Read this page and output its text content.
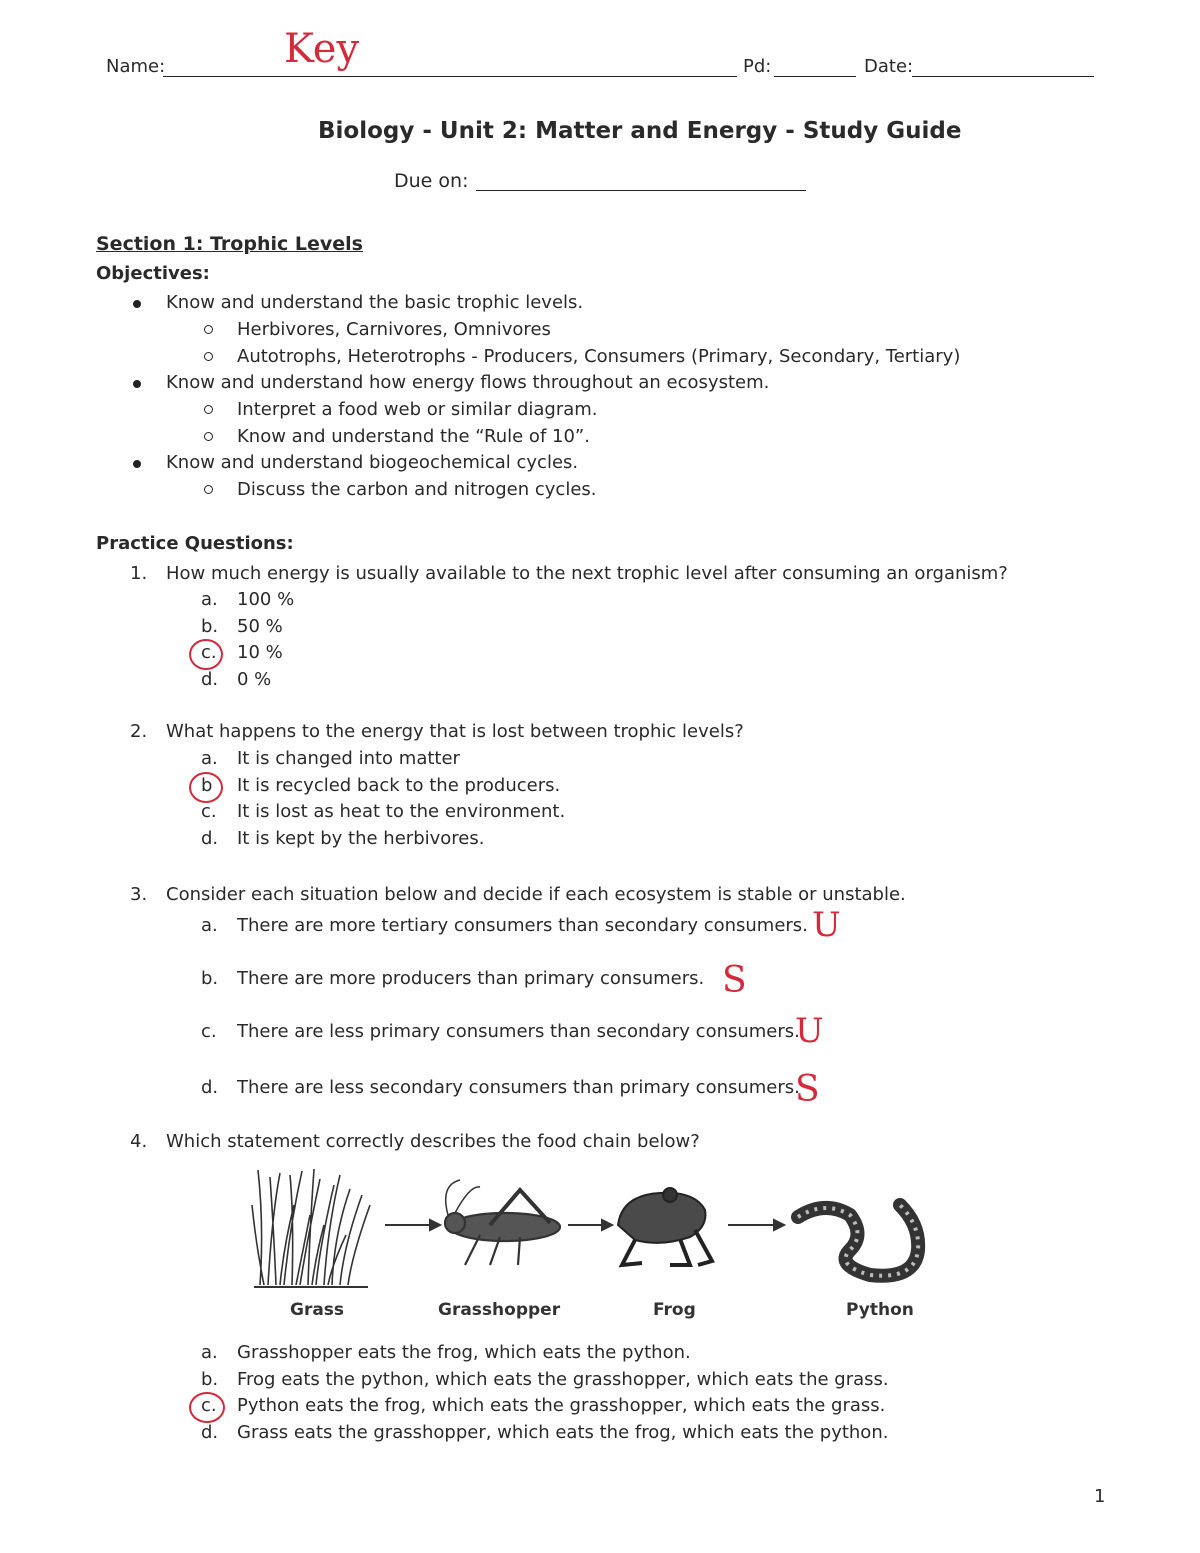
Name:	Key	Pd:	Date:
Biology - Unit 2: Matter and Energy - Study Guide
Due on:
Section 1: Trophic Levels
Objectives:
Know and understand the basic trophic levels.
Herbivores, Carnivores, Omnivores
Autotrophs, Heterotrophs - Producers, Consumers (Primary, Secondary, Tertiary)
Know and understand how energy flows throughout an ecosystem.
Interpret a food web or similar diagram.
Know and understand the “Rule of 10”.
Know and understand biogeochemical cycles.
Discuss the carbon and nitrogen cycles.
Practice Questions:
1. How much energy is usually available to the next trophic level after consuming an organism?
a. 100 %
b. 50 %
c. 10 %
d. 0 %
2. What happens to the energy that is lost between trophic levels?
a. It is changed into matter
b It is recycled back to the producers.
c. It is lost as heat to the environment.
d. It is kept by the herbivores.
3. Consider each situation below and decide if each ecosystem is stable or unstable.
a. There are more tertiary consumers than secondary consumers. U
b. There are more producers than primary consumers. S
c. There are less primary consumers than secondary consumers.
U
d. There are less secondary consumers than primary consumers.
S
4. Which statement correctly describes the food chain below?
Grass	Grasshopper	Frog	Python
a. Grasshopper eats the frog, which eats the python.
b. Frog eats the python, which eats the grasshopper, which eats the grass.
c. Python eats the frog, which eats the grasshopper, which eats the grass.
d. Grass eats the grasshopper, which eats the frog, which eats the python.
1
